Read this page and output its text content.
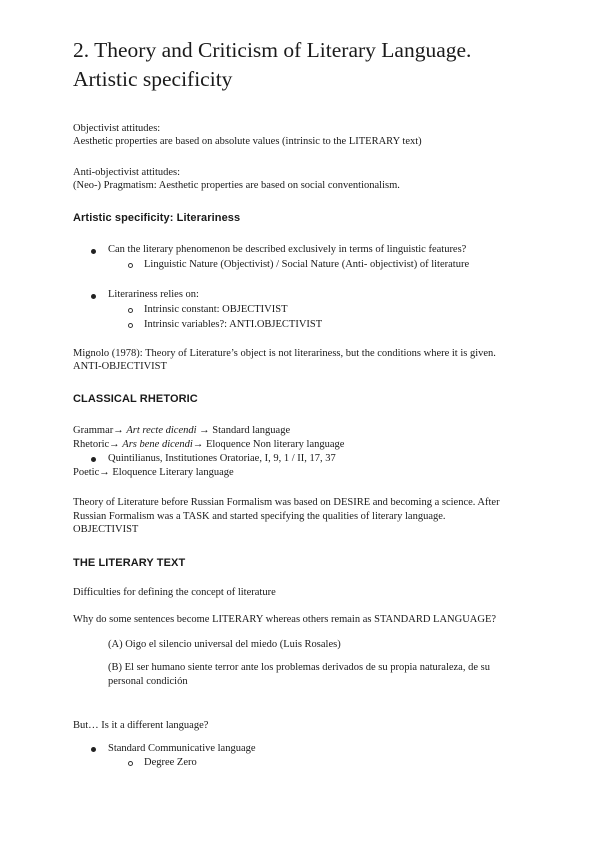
2. Theory and Criticism of Literary Language.
Artistic specificity
Objectivist attitudes:
Aesthetic properties are based on absolute values (intrinsic to the LITERARY text)
Anti-objectivist attitudes:
(Neo-) Pragmatism: Aesthetic properties are based on social conventionalism.
Artistic specificity: Literariness
Can the literary phenomenon be described exclusively in terms of linguistic features?
Linguistic Nature (Objectivist) / Social Nature (Anti- objectivist) of literature
Literariness relies on:
Intrinsic constant: OBJECTIVIST
Intrinsic variables?: ANTI.OBJECTIVIST
Mignolo (1978): Theory of Literature’s object is not literariness, but the conditions where it is given.
ANTI-OBJECTIVIST
CLASSICAL RHETORIC
Grammar→ Art recte dicendi → Standard language
Rhetoric→ Ars bene dicendi→ Eloquence Non literary language
Quintilianus, Institutiones Oratoriae, I, 9, 1 / II, 17, 37
Poetic→ Eloquence Literary language
Theory of Literature before Russian Formalism was based on DESIRE and becoming a science. After
Russian Formalism was a TASK and started specifying the qualities of literary language.
OBJECTIVIST
THE LITERARY TEXT
Difficulties for defining the concept of literature
Why do some sentences become LITERARY whereas others remain as STANDARD LANGUAGE?
(A) Oigo el silencio universal del miedo (Luis Rosales)
(B) El ser humano siente terror ante los problemas derivados de su propia naturaleza, de su
personal condición
But… Is it a different language?
Standard Communicative language
Degree Zero
